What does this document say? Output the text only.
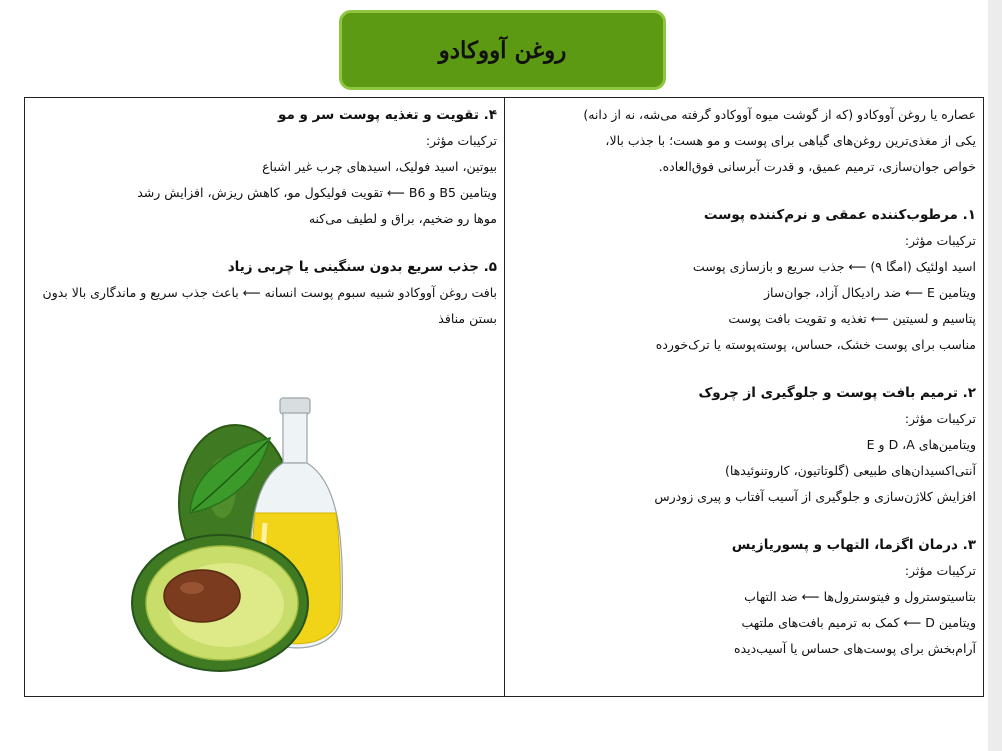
روغن آووکادو

عصاره یا روغن آووکادو (که از گوشت میوه آووکادو گرفته می‌شه، نه از دانه)

یکی از مغذی‌ترین روغن‌های گیاهی برای پوست و مو هست؛ با جذب بالا،

خواص جوان‌سازی، ترمیم عمیق، و قدرت آبرسانی فوق‌العاده.

۱. مرطوب‌کننده عمقی و نرم‌کننده پوست

ترکیبات مؤثر:

اسید اولئیک (امگا ۹) ⟵ جذب سریع و بازسازی پوست

ویتامین E ⟵ ضد رادیکال آزاد، جوان‌ساز

پتاسیم و لسیتین ⟵ تغذیه و تقویت بافت پوست

مناسب برای پوست خشک، حساس، پوسته‌پوسته یا ترک‌خورده

۲. ترمیم بافت پوست و جلوگیری از چروک

ترکیبات مؤثر:

ویتامین‌های D ،A و E

آنتی‌اکسیدان‌های طبیعی (گلوتاتیون، کاروتنوئیدها)

افزایش کلاژن‌سازی و جلوگیری از آسیب آفتاب و پیری زودرس

۳. درمان اگزما، التهاب و پسوریازیس

ترکیبات مؤثر:

بتاسیتوسترول و فیتوسترول‌ها ⟵ ضد التهاب

ویتامین D ⟵ کمک به ترمیم بافت‌های ملتهب

آرام‌بخش برای پوست‌های حساس یا آسیب‌دیده

۴. تقویت و تغذیه پوست سر و مو

ترکیبات مؤثر:

بیوتین، اسید فولیک، اسیدهای چرب غیر اشباع

ویتامین B5 و B6 ⟵ تقویت فولیکول مو، کاهش ریزش، افزایش رشد

موها رو ضخیم، براق و لطیف می‌کنه

۵. جذب سریع بدون سنگینی یا چربی زیاد

بافت روغن آووکادو شبیه سبوم پوست انسانه ⟵ باعث جذب سریع و ماندگاری بالا بدون بستن منافذ
